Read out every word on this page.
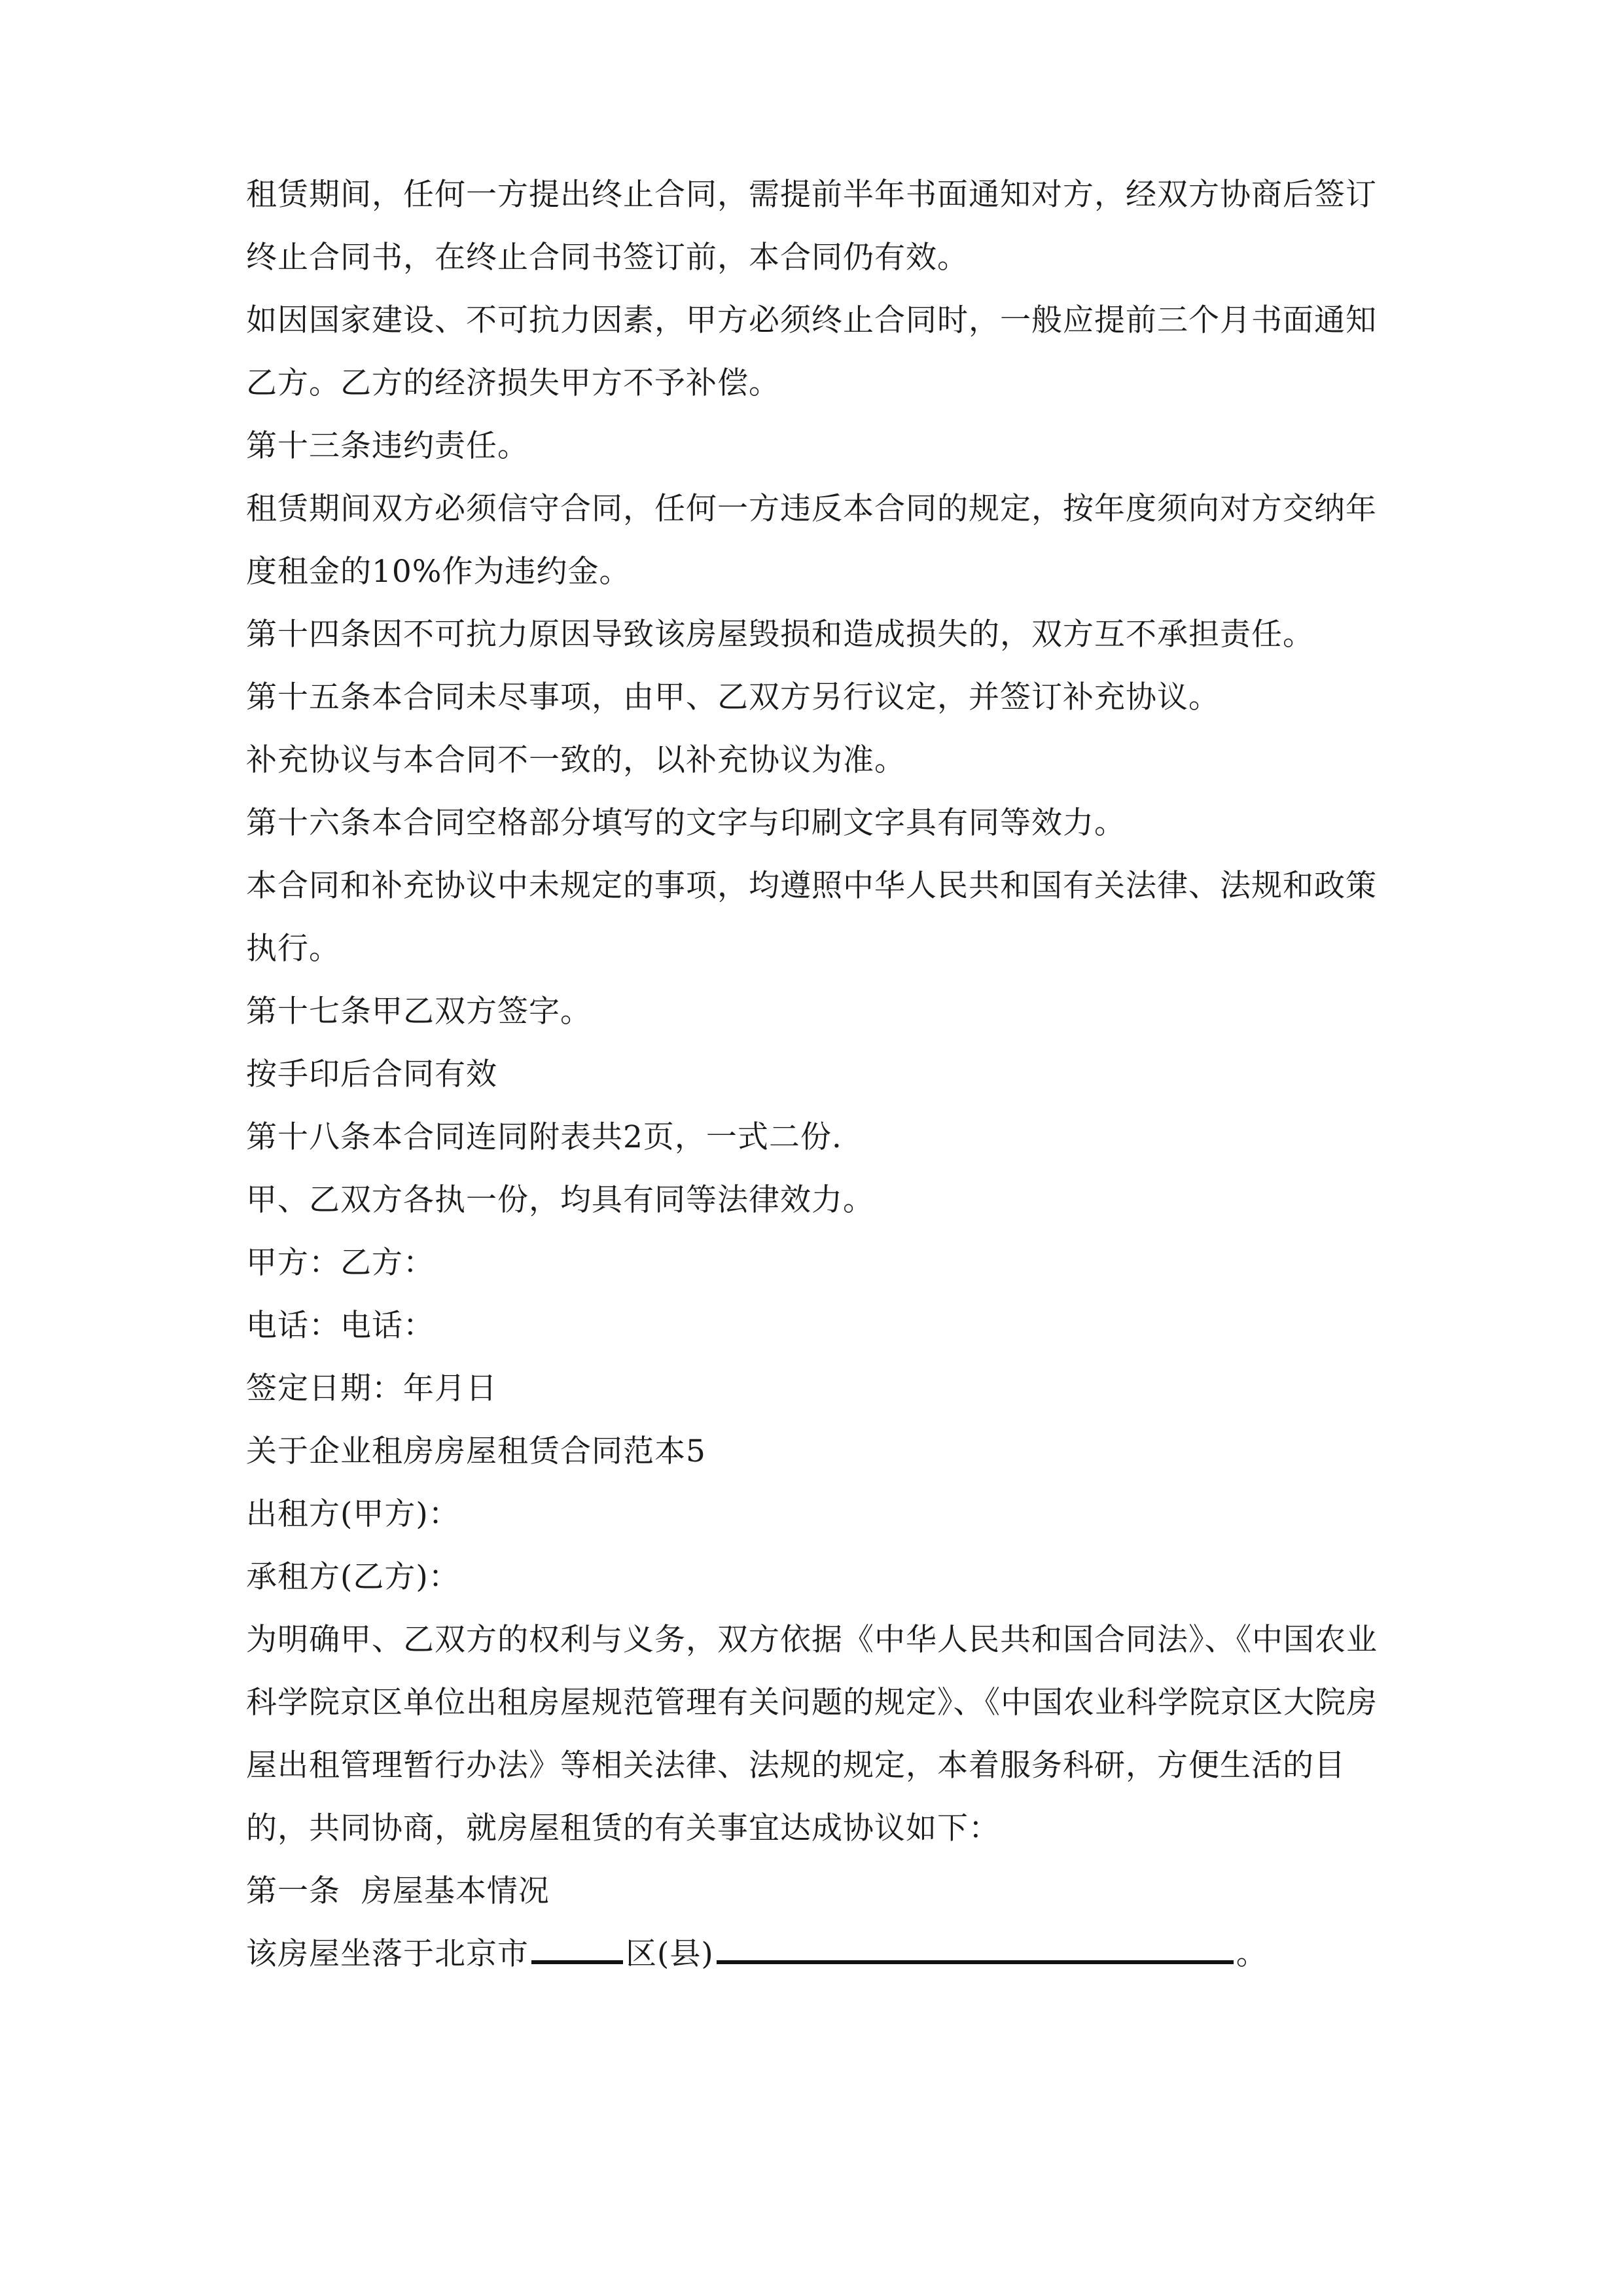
租赁期间，任何一方提出终止合同，需提前半年书面通知对方，经双方协商后签订终止合同书，在终止合同书签订前，本合同仍有效。

如因国家建设、不可抗力因素，甲方必须终止合同时，一般应提前三个月书面通知乙方。乙方的经济损失甲方不予补偿。

第十三条违约责任。

租赁期间双方必须信守合同，任何一方违反本合同的规定，按年度须向对方交纳年度租金的10%作为违约金。

第十四条因不可抗力原因导致该房屋毁损和造成损失的，双方互不承担责任。

第十五条本合同未尽事项，由甲、乙双方另行议定，并签订补充协议。

补充协议与本合同不一致的，以补充协议为准。

第十六条本合同空格部分填写的文字与印刷文字具有同等效力。

本合同和补充协议中未规定的事项，均遵照中华人民共和国有关法律、法规和政策执行。

第十七条甲乙双方签字。

按手印后合同有效

第十八条本合同连同附表共2页，一式二份.

甲、乙双方各执一份，均具有同等法律效力。

甲方：乙方：

电话：电话：

签定日期：年月日

关于企业租房房屋租赁合同范本5

出租方(甲方)：

承租方(乙方)：

为明确甲、乙双方的权利与义务，双方依据《中华人民共和国合同法》、《中国农业科学院京区单位出租房屋规范管理有关问题的规定》、《中国农业科学院京区大院房屋出租管理暂行办法》等相关法律、法规的规定，本着服务科研，方便生活的目的，共同协商，就房屋租赁的有关事宜达成协议如下：

第一条  房屋基本情况

该房屋坐落于北京市	区(县)	。
